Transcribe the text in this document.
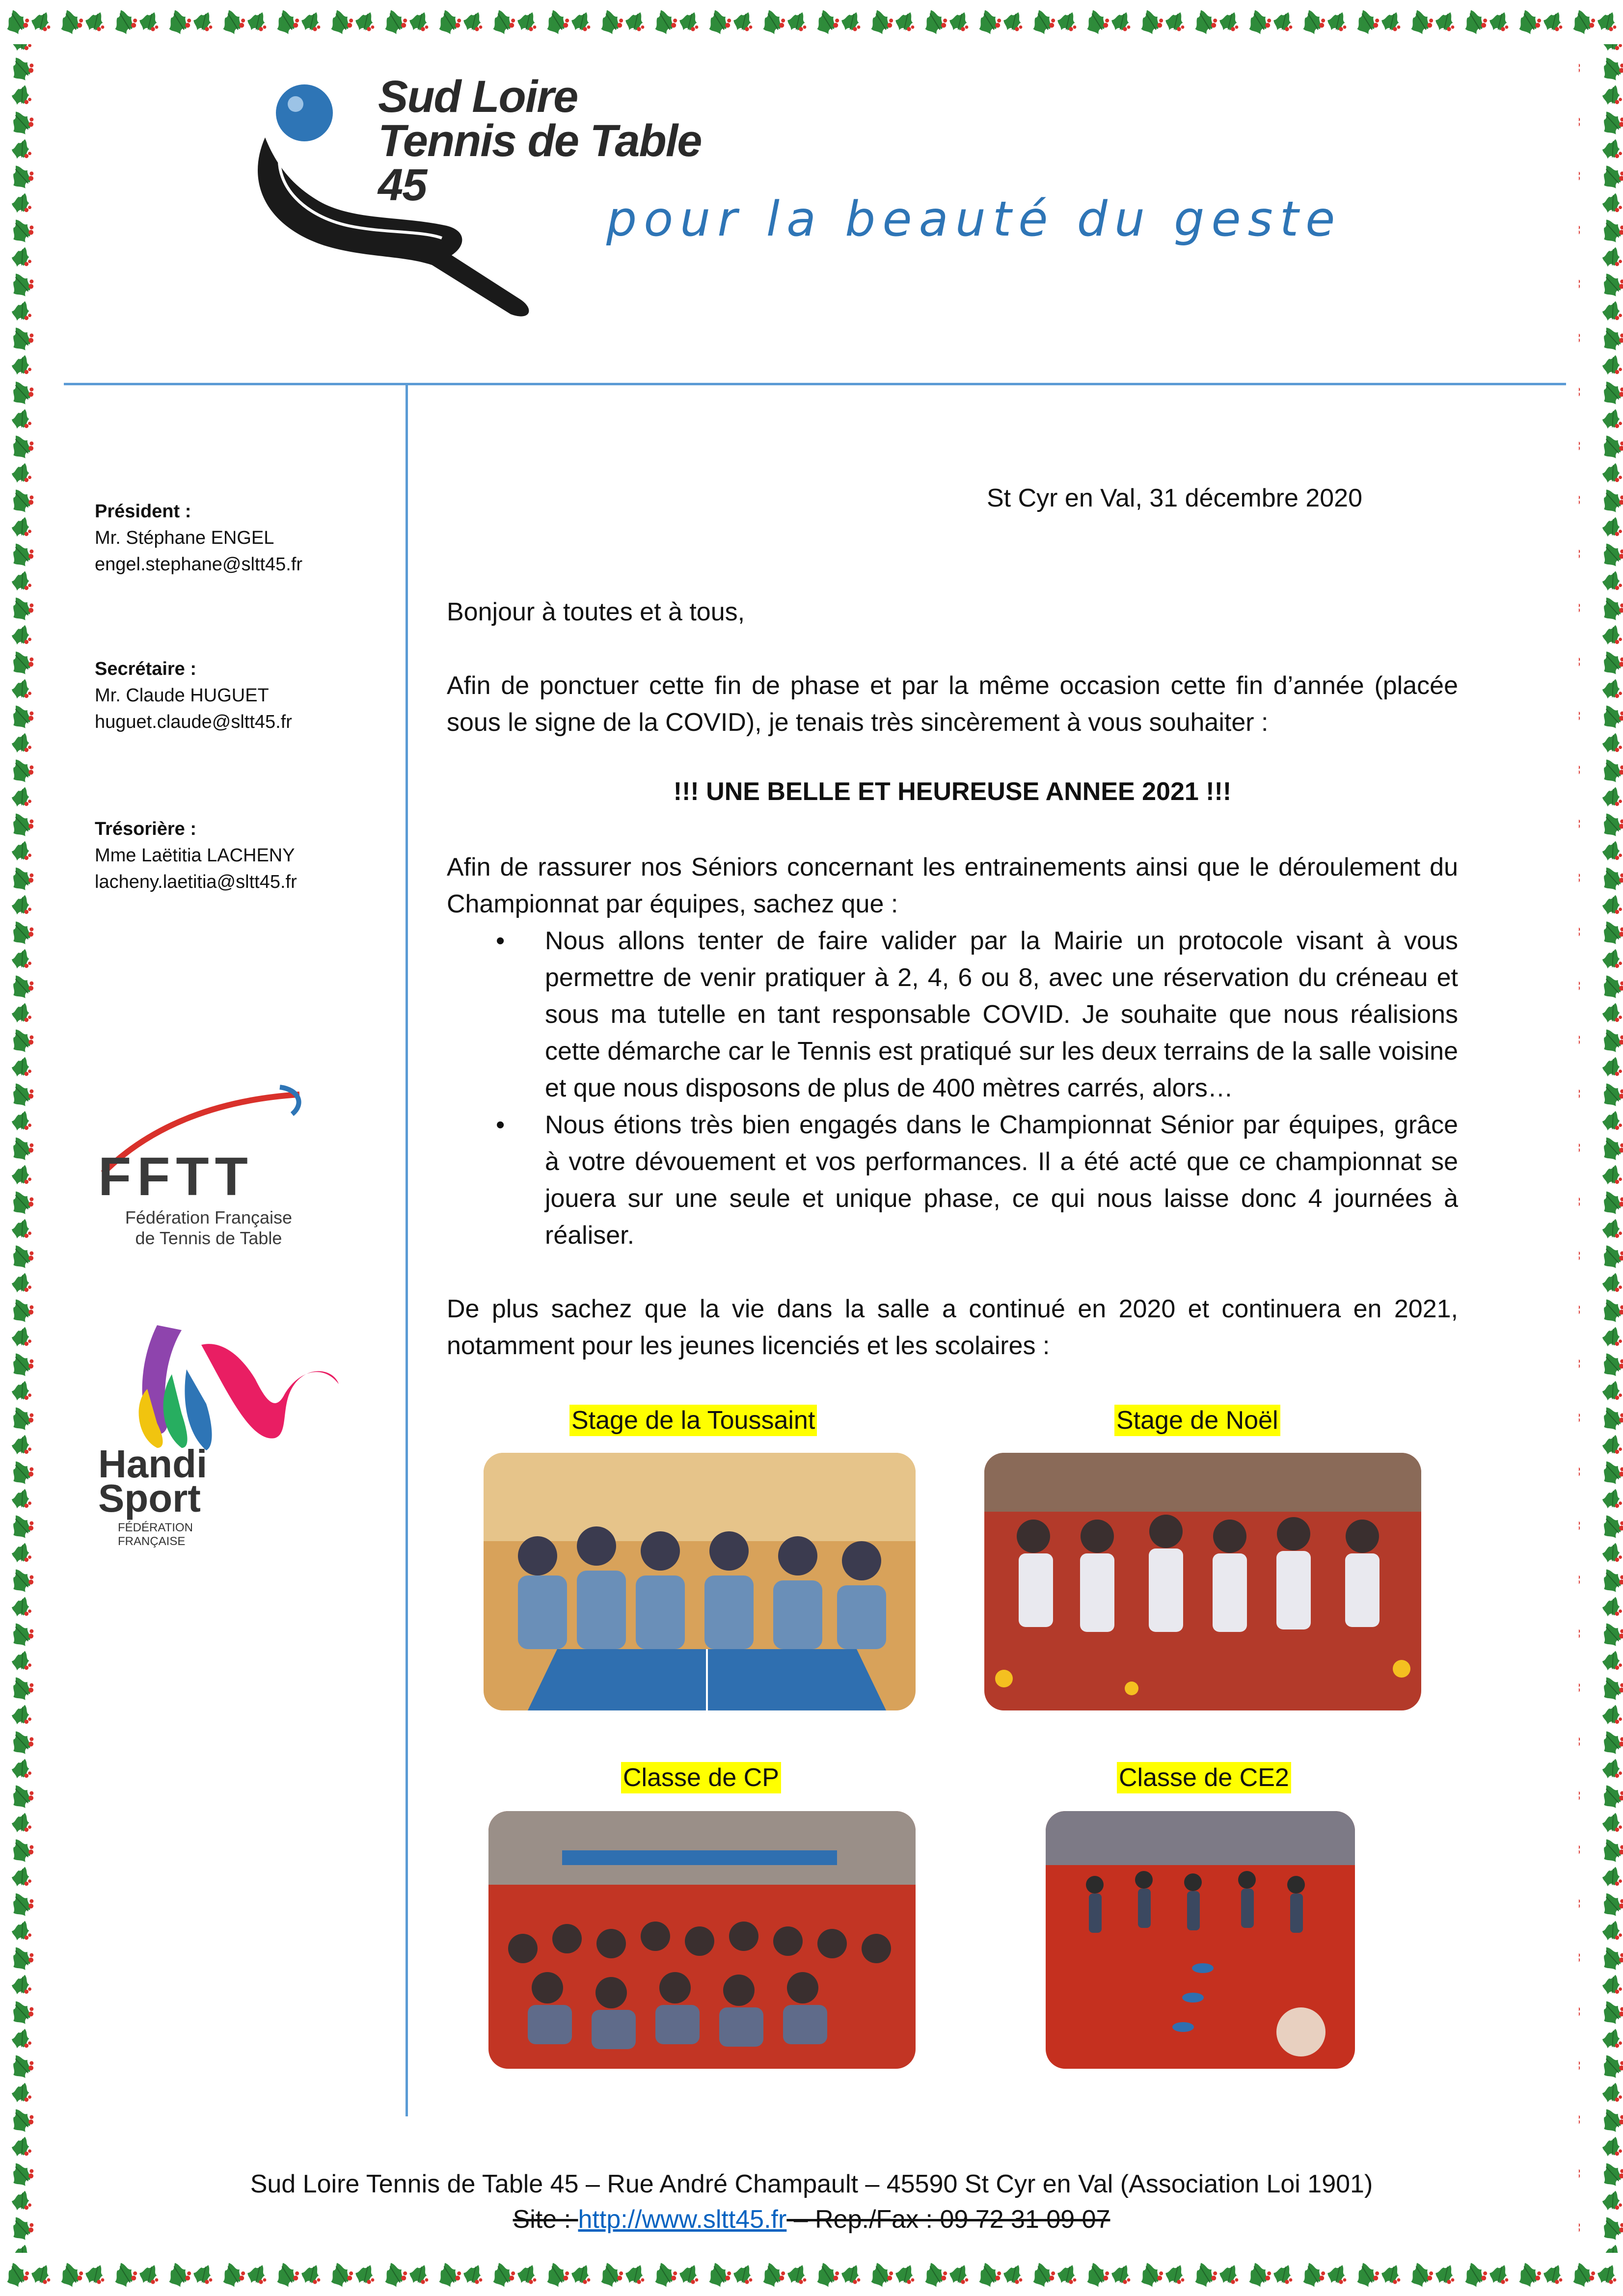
Sud Loire
Tennis de Table
45
pour la beauté du geste
Président :
Mr. Stéphane ENGEL
engel.stephane@sltt45.fr
Secrétaire :
Mr. Claude HUGUET
huguet.claude@sltt45.fr
Trésorière :
Mme Laëtitia LACHENY
lacheny.laetitia@sltt45.fr
FFTT
Fédération Française
de Tennis de Table
Handi
Sport
FÉDÉRATION
FRANÇAISE
St Cyr en Val, 31 décembre 2020
Bonjour à toutes et à tous,
Afin de ponctuer cette fin de phase et par la même occasion cette fin d’année (placée sous le signe de la COVID), je tenais très sincèrement à vous souhaiter :
!!! UNE BELLE ET HEUREUSE ANNEE 2021 !!!
Afin de rassurer nos Séniors concernant les entrainements ainsi que le déroulement du Championnat par équipes, sachez que :
• Nous allons tenter de faire valider par la Mairie un protocole visant à vous permettre de venir pratiquer à 2, 4, 6 ou 8, avec une réservation du créneau et sous ma tutelle en tant responsable COVID. Je souhaite que nous réalisions cette démarche car le Tennis est pratiqué sur les deux terrains de la salle voisine et que nous disposons de plus de 400 mètres carrés, alors…
• Nous étions très bien engagés dans le Championnat Sénior par équipes, grâce à votre dévouement et vos performances. Il a été acté que ce championnat se jouera sur une seule et unique phase, ce qui nous laisse donc 4 journées à réaliser.
De plus sachez que la vie dans la salle a continué en 2020 et continuera en 2021, notamment pour les jeunes licenciés et les scolaires :
Stage de la Toussaint	Stage de Noël
Classe de CP	Classe de CE2
Sud Loire Tennis de Table 45 – Rue André Champault – 45590 St Cyr en Val (Association Loi 1901)
Site : http://www.sltt45.fr – Rep./Fax : 09 72 31 09 07
